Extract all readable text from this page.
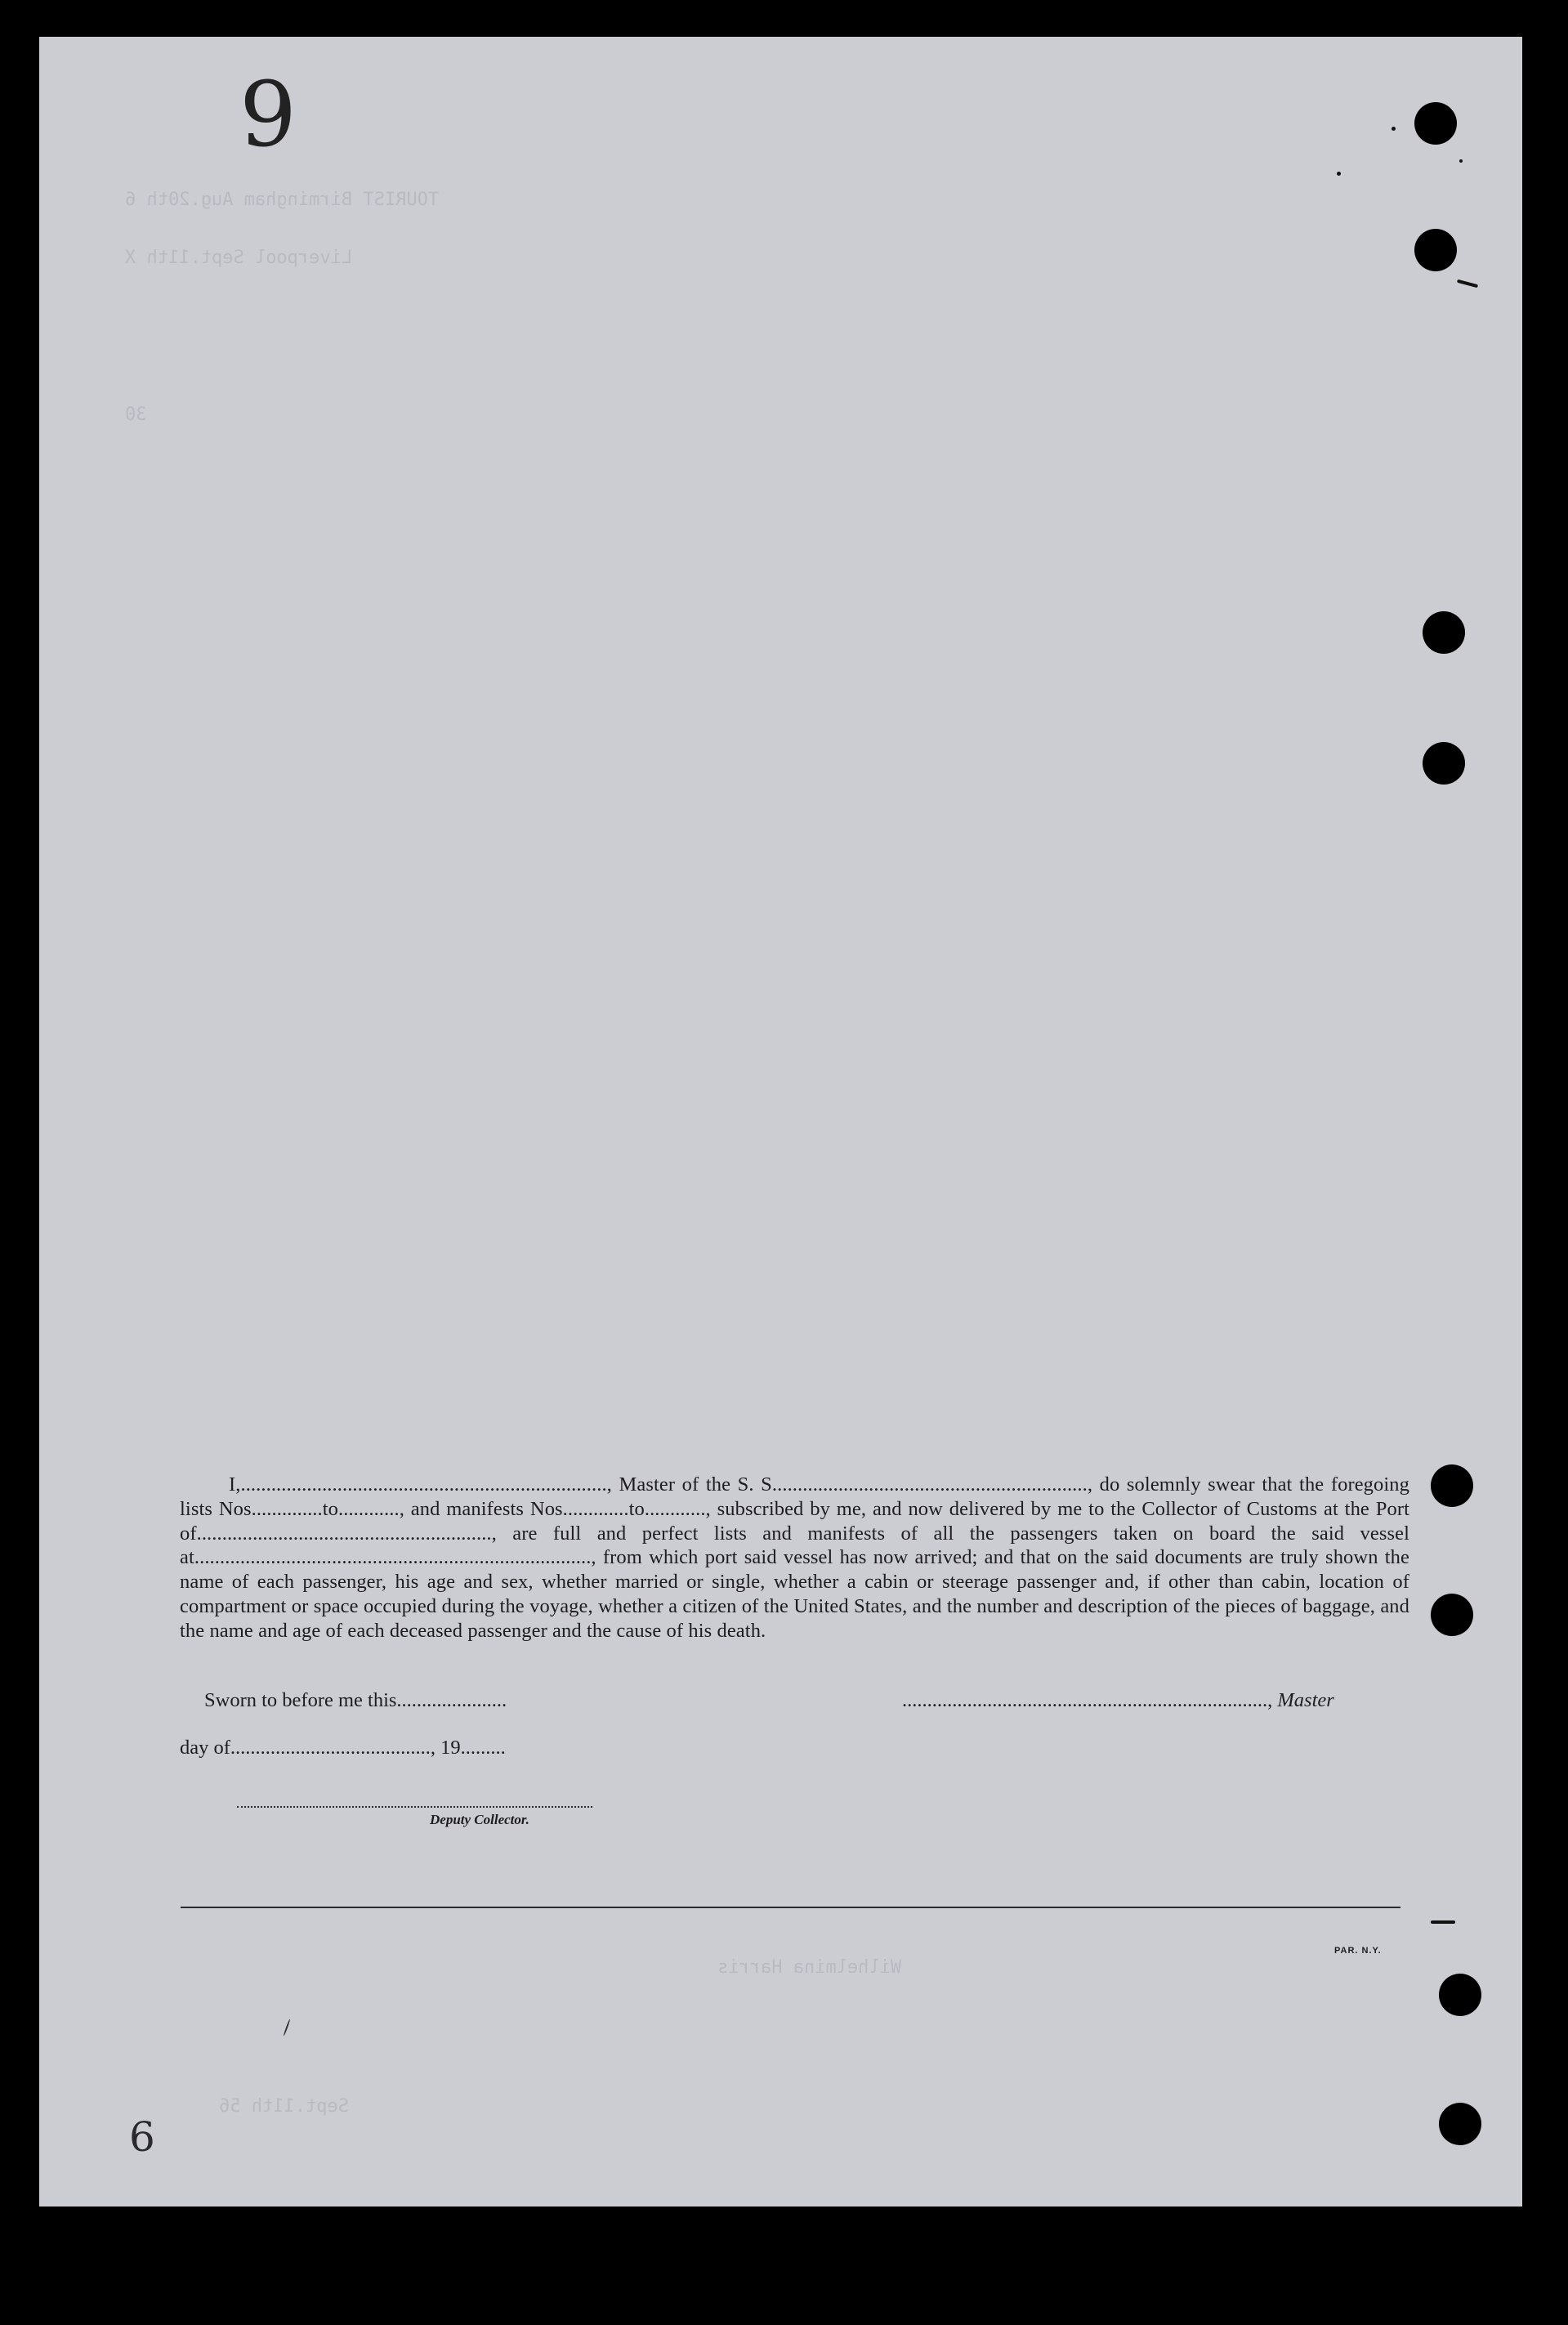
TOURIST Birmingham Aug.20th 6
Liverpool Sept.11th X
30
Wilhelmina Harris
Sept.11th 56
9

I,........................................................................, Master of the S. S.............................................................., do solemnly swear that the foregoing lists Nos..............to............, and manifests Nos.............to............, subscribed by me, and now delivered by me to the Collector of Customs at the Port of.........................................................., are full and perfect lists and manifests of all the passengers taken on board the said vessel at.............................................................................., from which port said vessel has now arrived; and that on the said documents are truly shown the name of each passenger, his age and sex, whether married or single, whether a cabin or steerage passenger and, if other than cabin, location of compartment or space occupied during the voyage, whether a citizen of the United States, and the number and description of the pieces of baggage, and the name and age of each deceased passenger and the cause of his death.

Sworn to before me this......................	........................................................................., Master
day of........................................, 19.........
Deputy Collector.
PAR. N.Y.
6
